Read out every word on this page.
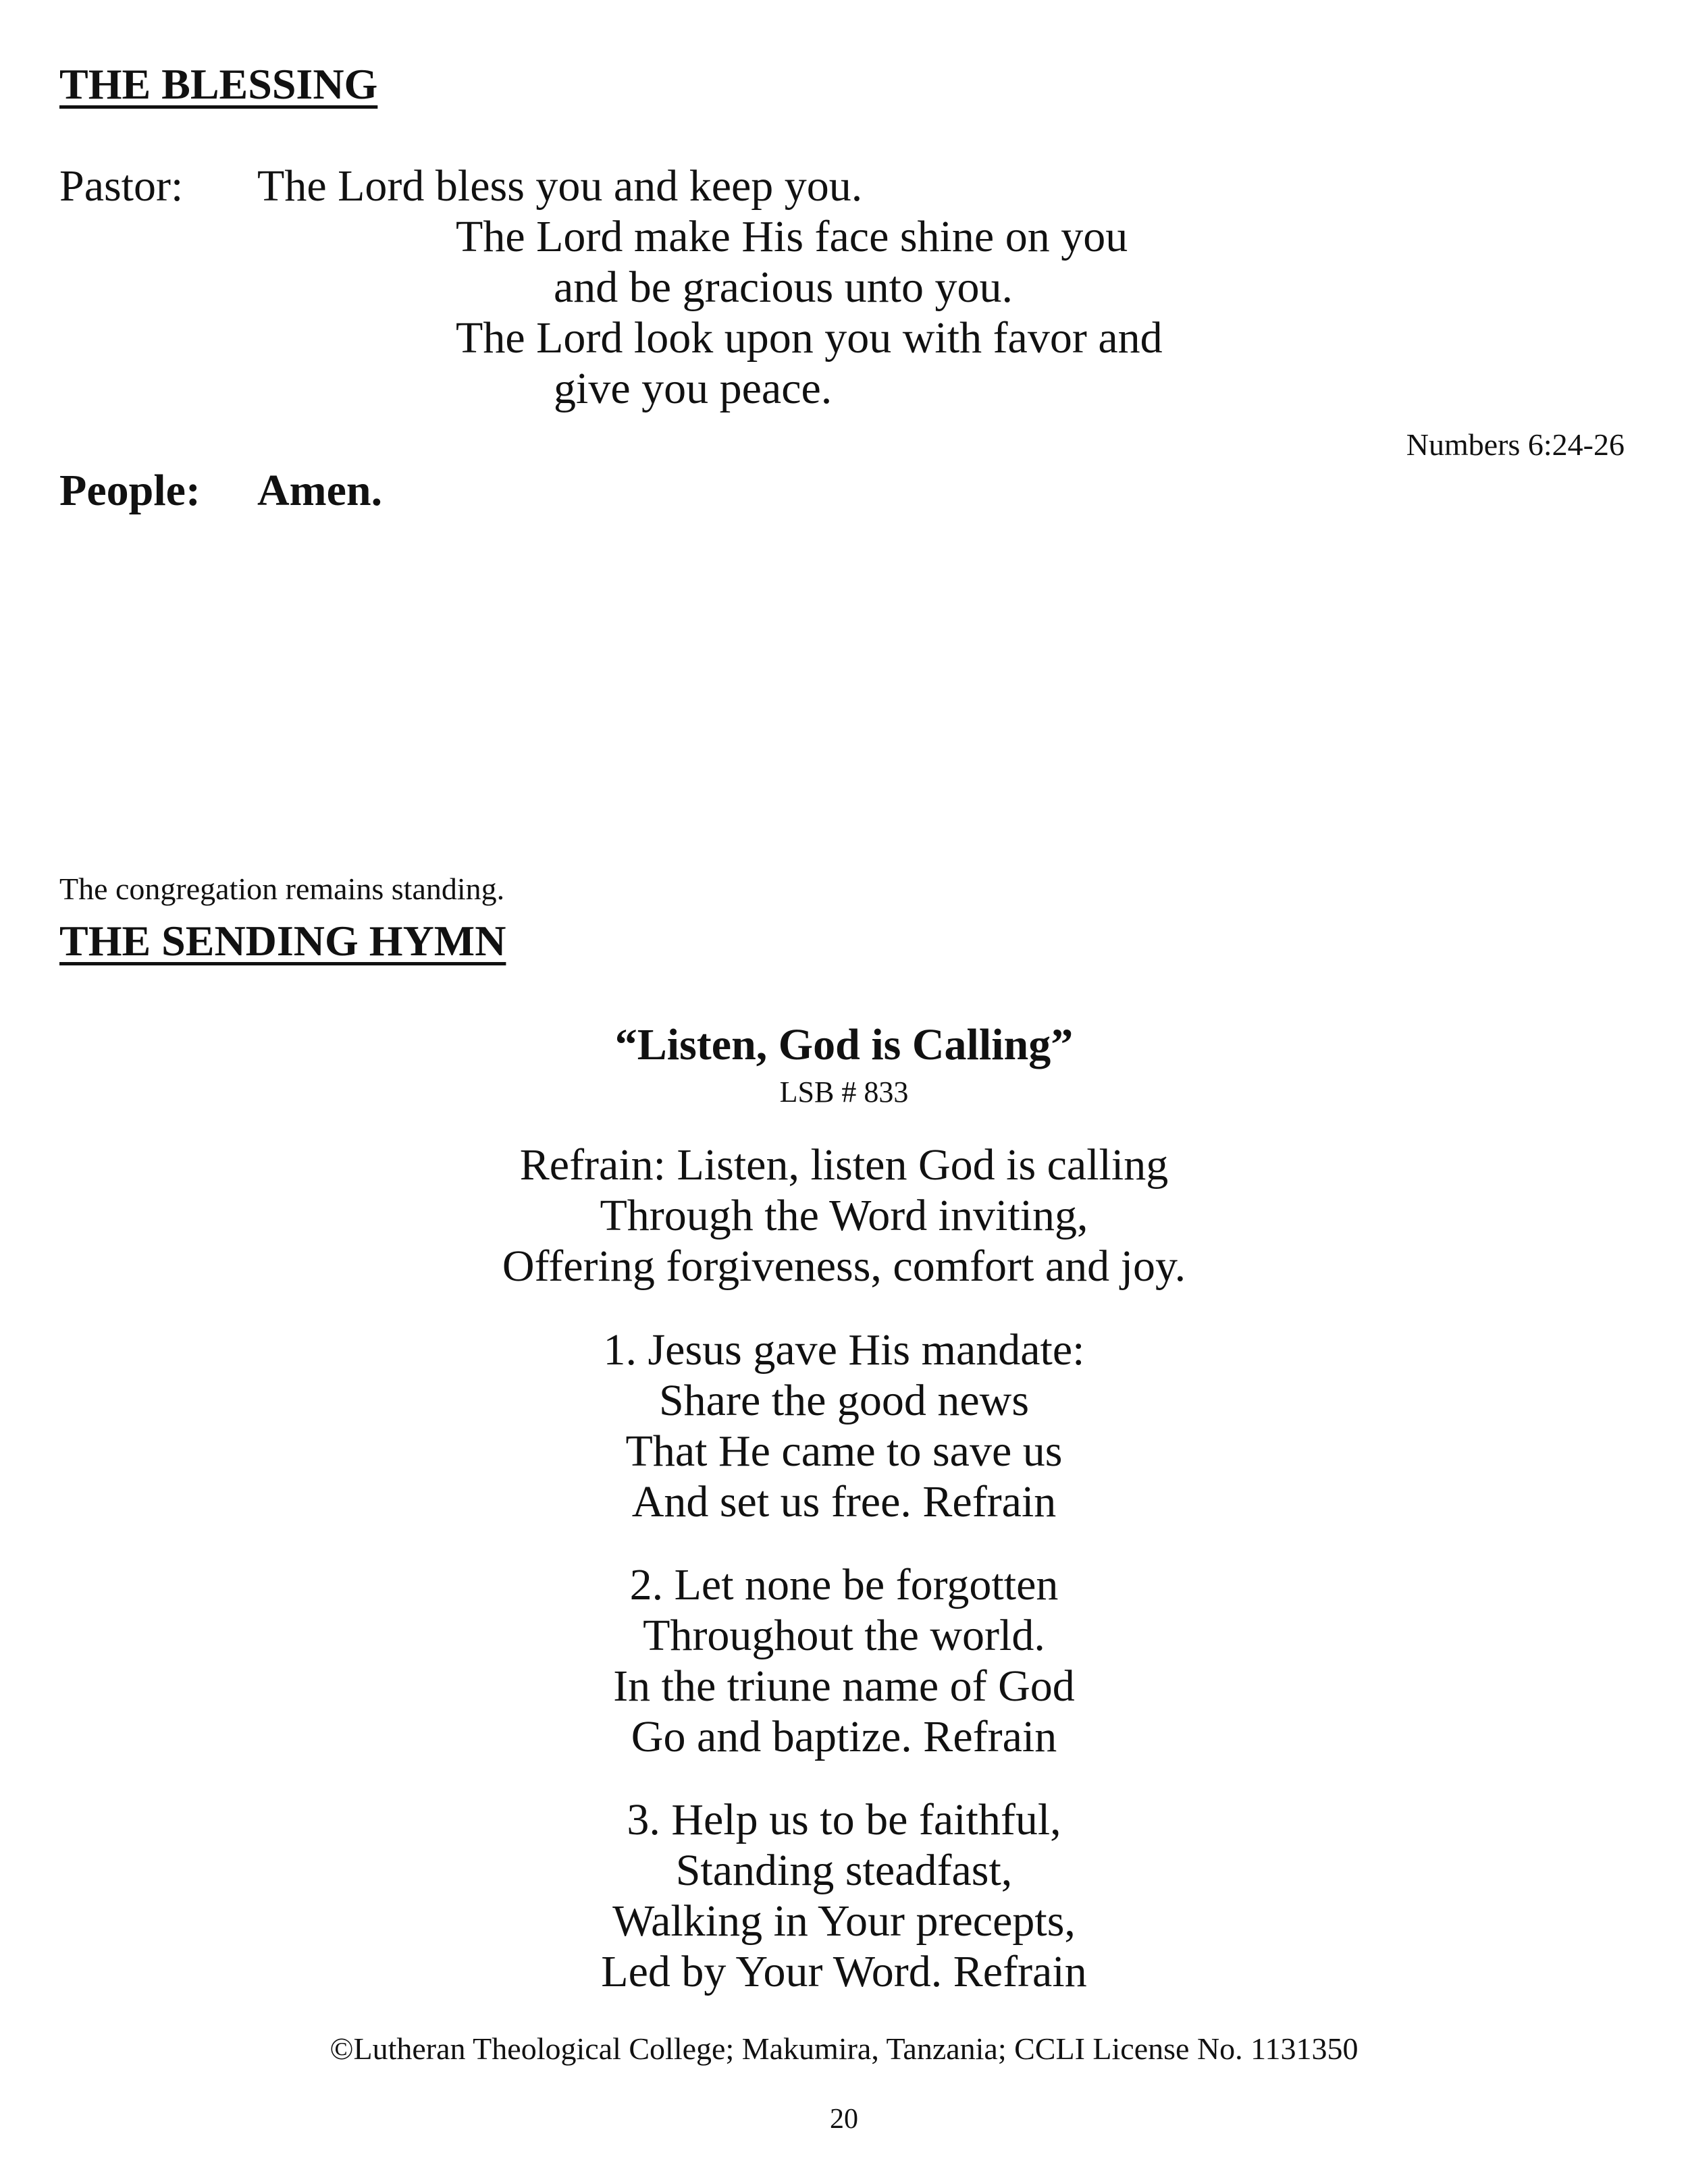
THE BLESSING
Pastor: The Lord bless you and keep you.
The Lord make His face shine on you
and be gracious unto you.
The Lord look upon you with favor and
give you peace.
Numbers 6:24-26
People: Amen.
The congregation remains standing.
THE SENDING HYMN
“Listen, God is Calling”
LSB # 833
Refrain: Listen, listen God is calling
Through the Word inviting,
Offering forgiveness, comfort and joy.
1. Jesus gave His mandate:
Share the good news
That He came to save us
And set us free. Refrain
2. Let none be forgotten
Throughout the world.
In the triune name of God
Go and baptize. Refrain
3. Help us to be faithful,
Standing steadfast,
Walking in Your precepts,
Led by Your Word. Refrain
©Lutheran Theological College; Makumira, Tanzania; CCLI License No. 1131350
20
